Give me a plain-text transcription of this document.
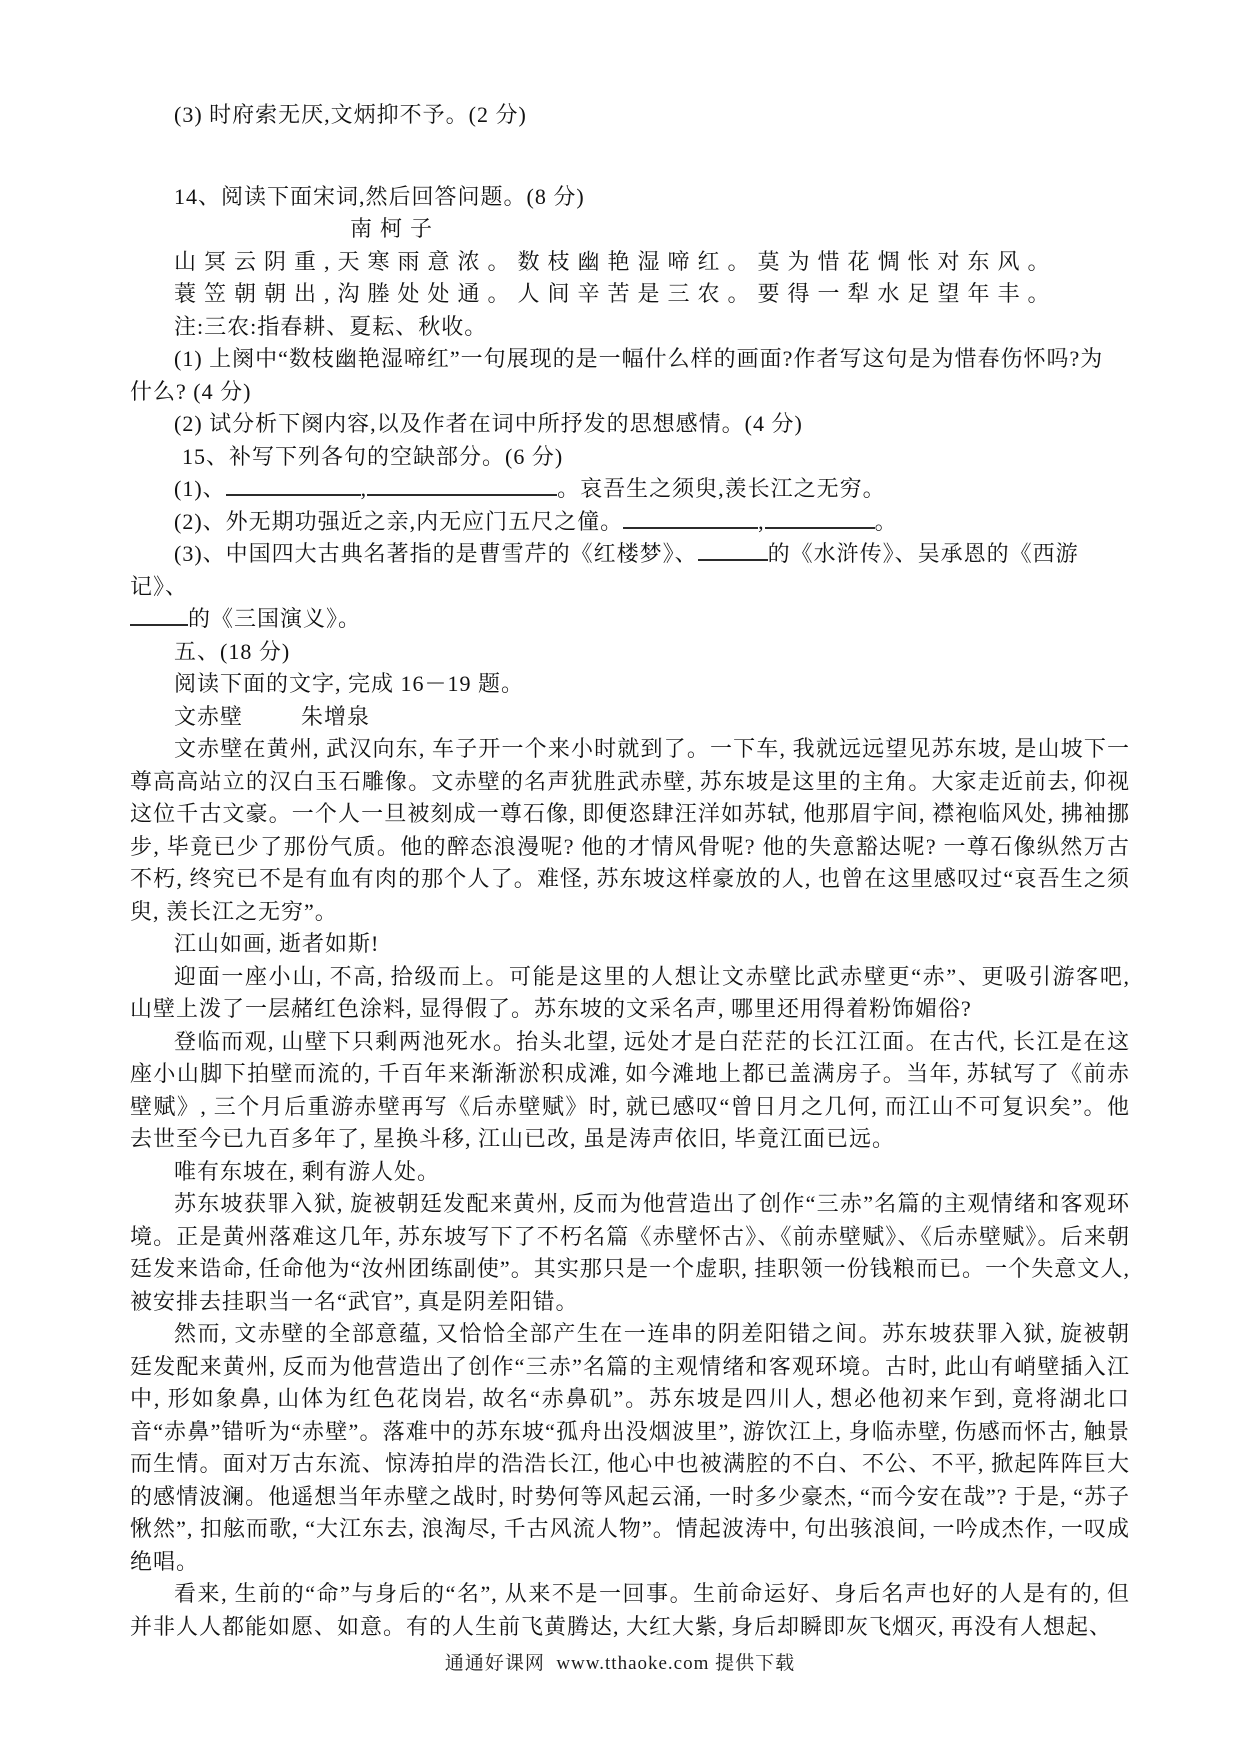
(3) 时府索无厌,文炳抑不予。(2 分)

14、阅读下面宋词,然后回答问题。(8 分)

南柯子

山冥云阴重,天寒雨意浓。数枝幽艳湿啼红。莫为惜花惆怅对东风。

蓑笠朝朝出,沟塍处处通。人间辛苦是三农。要得一犁水足望年丰。

注:三农:指春耕、夏耘、秋收。

(1) 上阕中“数枝幽艳湿啼红”一句展现的是一幅什么样的画面?作者写这句是为惜春伤怀吗?为

什么? (4 分)

(2) 试分析下阕内容,以及作者在词中所抒发的思想感情。(4 分)

15、补写下列各句的空缺部分。(6 分)

(1)、	,	。哀吾生之须臾,羡长江之无穷。

(2)、外无期功强近之亲,内无应门五尺之僮。	,	。

(3)、中国四大古典名著指的是曹雪芹的《红楼梦》、	的《水浒传》、吴承恩的《西游记》、

的《三国演义》。

五、(18 分)

阅读下面的文字, 完成 16－19 题。

文赤壁	朱增泉

文赤壁在黄州, 武汉向东, 车子开一个来小时就到了。一下车, 我就远远望见苏东坡, 是山坡下一尊高高站立的汉白玉石雕像。文赤壁的名声犹胜武赤壁, 苏东坡是这里的主角。大家走近前去, 仰视这位千古文豪。一个人一旦被刻成一尊石像, 即便恣肆汪洋如苏轼, 他那眉宇间, 襟袍临风处, 拂袖挪步, 毕竟已少了那份气质。他的醉态浪漫呢? 他的才情风骨呢? 他的失意豁达呢? 一尊石像纵然万古不朽, 终究已不是有血有肉的那个人了。难怪, 苏东坡这样豪放的人, 也曾在这里感叹过“哀吾生之须臾, 羡长江之无穷”。

江山如画, 逝者如斯!

迎面一座小山, 不高, 拾级而上。可能是这里的人想让文赤壁比武赤壁更“赤”、更吸引游客吧, 山壁上泼了一层赭红色涂料, 显得假了。苏东坡的文采名声, 哪里还用得着粉饰媚俗?

登临而观, 山壁下只剩两池死水。抬头北望, 远处才是白茫茫的长江江面。在古代, 长江是在这座小山脚下拍壁而流的, 千百年来渐渐淤积成滩, 如今滩地上都已盖满房子。当年, 苏轼写了《前赤壁赋》, 三个月后重游赤壁再写《后赤壁赋》时, 就已感叹“曾日月之几何, 而江山不可复识矣”。他去世至今已九百多年了, 星换斗移, 江山已改, 虽是涛声依旧, 毕竟江面已远。

唯有东坡在, 剩有游人处。

苏东坡获罪入狱, 旋被朝廷发配来黄州, 反而为他营造出了创作“三赤”名篇的主观情绪和客观环境。正是黄州落难这几年, 苏东坡写下了不朽名篇《赤壁怀古》、《前赤壁赋》、《后赤壁赋》。后来朝廷发来诰命, 任命他为“汝州团练副使”。其实那只是一个虚职, 挂职领一份钱粮而已。一个失意文人, 被安排去挂职当一名“武官”, 真是阴差阳错。

然而, 文赤壁的全部意蕴, 又恰恰全部产生在一连串的阴差阳错之间。苏东坡获罪入狱, 旋被朝廷发配来黄州, 反而为他营造出了创作“三赤”名篇的主观情绪和客观环境。古时, 此山有峭壁插入江中, 形如象鼻, 山体为红色花岗岩, 故名“赤鼻矶”。苏东坡是四川人, 想必他初来乍到, 竟将湖北口音“赤鼻”错听为“赤壁”。落难中的苏东坡“孤舟出没烟波里”, 游饮江上, 身临赤壁, 伤感而怀古, 触景而生情。面对万古东流、惊涛拍岸的浩浩长江, 他心中也被满腔的不白、不公、不平, 掀起阵阵巨大的感情波澜。他遥想当年赤壁之战时, 时势何等风起云涌, 一时多少豪杰, “而今安在哉”? 于是, “苏子愀然”, 扣舷而歌, “大江东去, 浪淘尽, 千古风流人物”。情起波涛中, 句出骇浪间, 一吟成杰作, 一叹成绝唱。

看来, 生前的“命”与身后的“名”, 从来不是一回事。生前命运好、身后名声也好的人是有的, 但并非人人都能如愿、如意。有的人生前飞黄腾达, 大红大紫, 身后却瞬即灰飞烟灭, 再没有人想起、

通通好课网  www.tthaoke.com 提供下载
